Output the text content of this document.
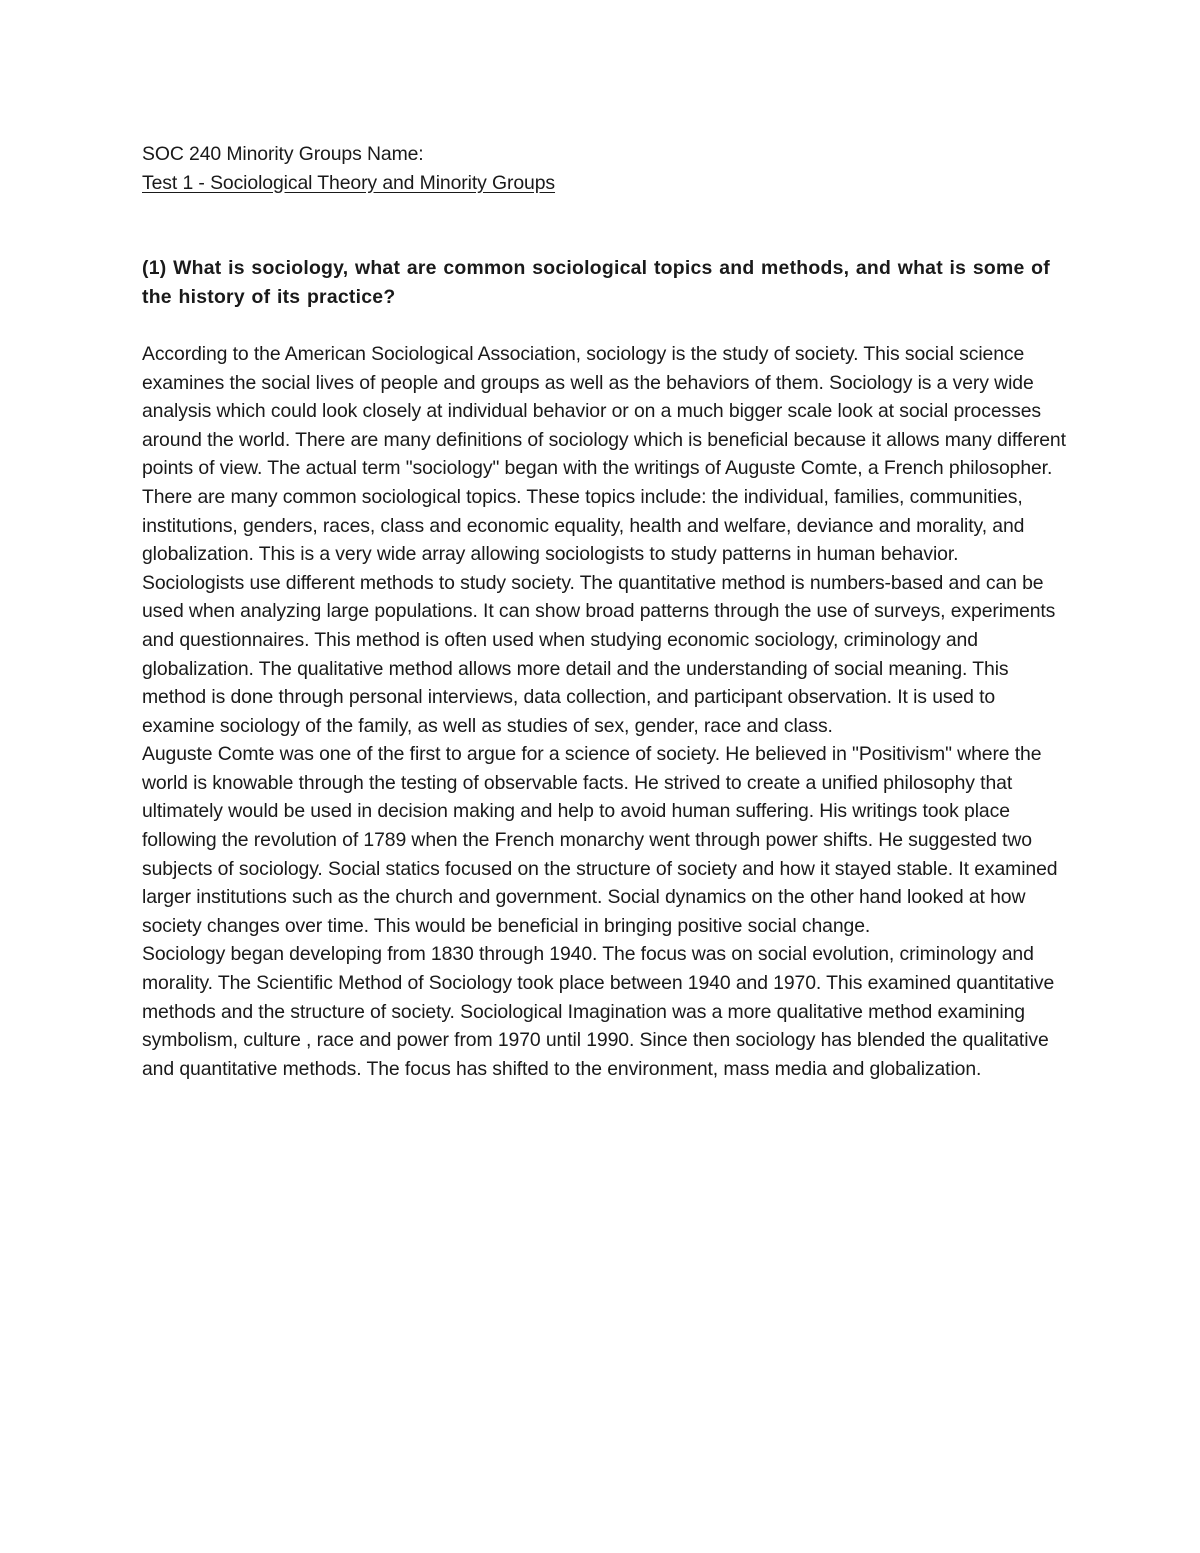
SOC 240 Minority Groups Name:

Test 1 - Sociological Theory and Minority Groups

(1) What is sociology, what are common sociological topics and methods, and what is some of the history of its practice?

According to the American Sociological Association, sociology is the study of society. This social science examines the social lives of people and groups as well as the behaviors of them. Sociology is a very wide analysis which could look closely at individual behavior or on a much bigger scale look at social processes around the world. There are many definitions of sociology which is beneficial because it allows many different points of view. The actual term "sociology" began with the writings of Auguste Comte, a French philosopher.

There are many common sociological topics. These topics include: the individual, families, communities, institutions, genders, races, class and economic equality, health and welfare, deviance and morality, and globalization. This is a very wide array allowing sociologists to study patterns in human behavior.

Sociologists use different methods to study society. The quantitative method is numbers-based and can be used when analyzing large populations. It can show broad patterns through the use of surveys, experiments and questionnaires. This method is often used when studying economic sociology, criminology and globalization. The qualitative method allows more detail and the understanding of social meaning. This method is done through personal interviews, data collection, and participant observation. It is used to examine sociology of the family, as well as studies of sex, gender, race and class.

Auguste Comte was one of the first to argue for a science of society. He believed in "Positivism" where the world is knowable through the testing of observable facts. He strived to create a unified philosophy that ultimately would be used in decision making and help to avoid human suffering. His writings took place following the revolution of 1789 when the French monarchy went through power shifts. He suggested two subjects of sociology. Social statics focused on the structure of society and how it stayed stable. It examined larger institutions such as the church and government. Social dynamics on the other hand looked at how society changes over time. This would be beneficial in bringing positive social change.

Sociology began developing from 1830 through 1940. The focus was on social evolution, criminology and morality. The Scientific Method of Sociology took place between 1940 and 1970. This examined quantitative methods and the structure of society. Sociological Imagination was a more qualitative method examining symbolism, culture , race and power from 1970 until 1990. Since then sociology has blended the qualitative and quantitative methods. The focus has shifted to the environment, mass media and globalization.
